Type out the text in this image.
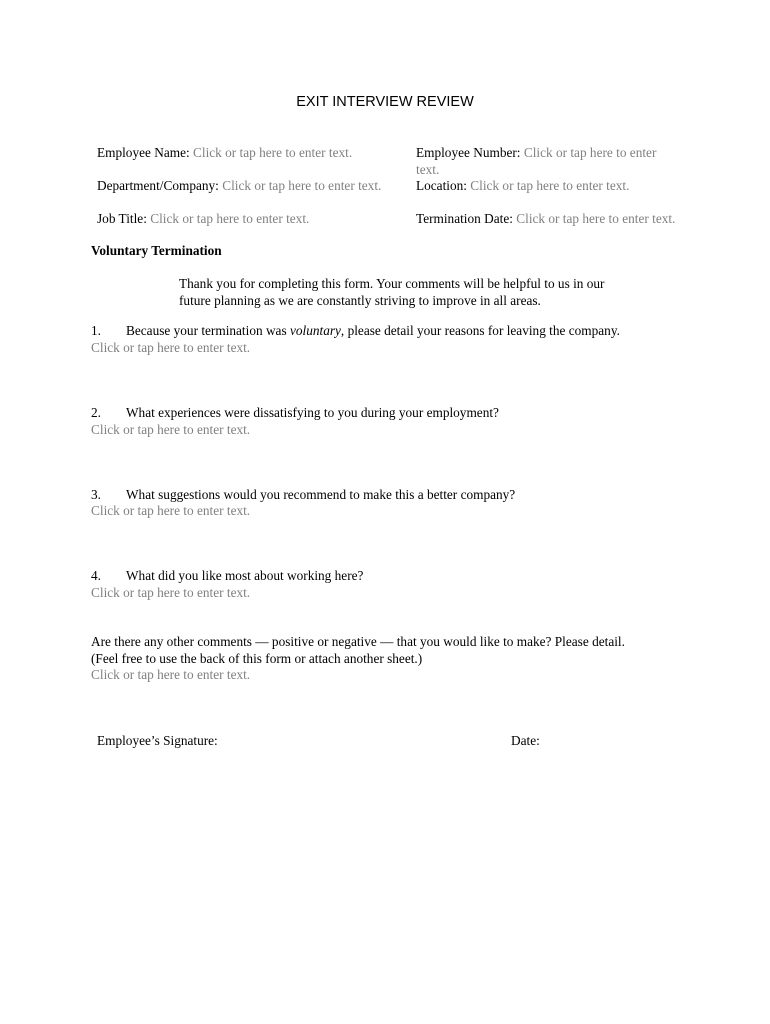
EXIT INTERVIEW REVIEW
Employee Name: Click or tap here to enter text.
Department/Company: Click or tap here to enter text.
Job Title: Click or tap here to enter text.
Employee Number: Click or tap here to enter text.
Location: Click or tap here to enter text.
Termination Date: Click or tap here to enter text.
Voluntary Termination
Thank you for completing this form. Your comments will be helpful to us in our future planning as we are constantly striving to improve in all areas.
1. Because your termination was voluntary, please detail your reasons for leaving the company.
Click or tap here to enter text.
2. What experiences were dissatisfying to you during your employment?
Click or tap here to enter text.
3. What suggestions would you recommend to make this a better company?
Click or tap here to enter text.
4. What did you like most about working here?
Click or tap here to enter text.
Are there any other comments — positive or negative — that you would like to make? Please detail.
(Feel free to use the back of this form or attach another sheet.)
Click or tap here to enter text.
Employee’s Signature:	Date:
